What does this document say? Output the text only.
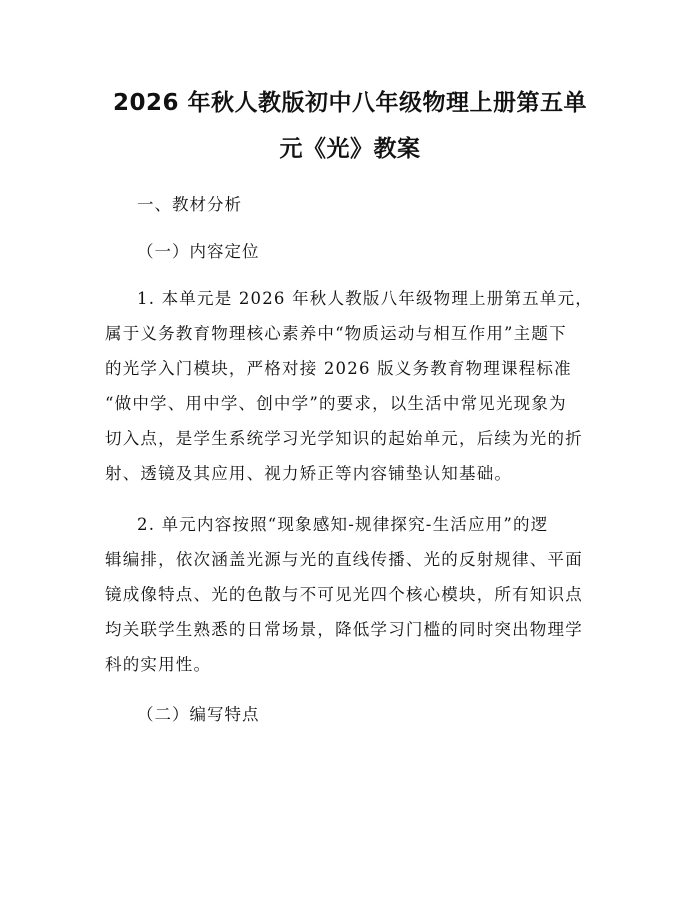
2026 年秋人教版初中八年级物理上册第五单
元《光》教案
一、教材分析
（一）内容定位
1. 本单元是 2026 年秋人教版八年级物理上册第五单元，
属于义务教育物理核心素养中“物质运动与相互作用”主题下
的光学入门模块，严格对接 2026 版义务教育物理课程标准
“做中学、用中学、创中学”的要求，以生活中常见光现象为
切入点，是学生系统学习光学知识的起始单元，后续为光的折
射、透镜及其应用、视力矫正等内容铺垫认知基础。
2. 单元内容按照“现象感知-规律探究-生活应用”的逻
辑编排，依次涵盖光源与光的直线传播、光的反射规律、平面
镜成像特点、光的色散与不可见光四个核心模块，所有知识点
均关联学生熟悉的日常场景，降低学习门槛的同时突出物理学
科的实用性。
（二）编写特点
